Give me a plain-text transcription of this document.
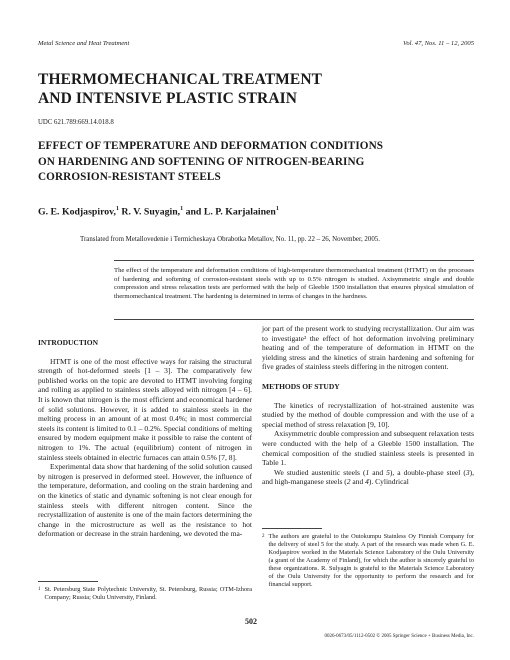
Metal Science and Heat Treatment	Vol. 47, Nos. 11 – 12, 2005
THERMOMECHANICAL TREATMENT
AND INTENSIVE PLASTIC STRAIN
UDC 621.789:669.14.018.8
EFFECT OF TEMPERATURE AND DEFORMATION CONDITIONS
ON HARDENING AND SOFTENING OF NITROGEN-BEARING
CORROSION-RESISTANT STEELS
G. E. Kodjaspirov,$^1$ R. V. Suyagin,$^1$ and L. P. Karjalainen$^1$
Translated from Metallovedenie i Termicheskaya Obrabotka Metallov, No. 11, pp. 22 – 26, November, 2005.
The effect of the temperature and deformation conditions of high-temperature thermomechanical treatment (HTMT) on the processes of hardening and softening of corrosion-resistant steels with up to 0.5% nitrogen is studied. Axisymmetric single and double compression and stress relaxation tests are performed with the help of Gleeble 1500 installation that ensures physical simulation of thermomechanical treatment. The hardening is determined in terms of changes in the hardness.
INTRODUCTION
HTMT is one of the most effective ways for raising the structural strength of hot-deformed steels [1 – 3]. The comparatively few published works on the topic are devoted to HTMT involving forging and rolling as applied to stainless steels alloyed with nitrogen [4 – 6]. It is known that nitrogen is the most efficient and economical hardener of solid solutions. However, it is added to stainless steels in the melting process in an amount of at most 0.4%; in most commercial steels its content is limited to 0.1 – 0.2%. Special conditions of melting ensured by modern equipment make it possible to raise the content of nitrogen to 1%. The actual (equilibrium) content of nitrogen in stainless steels obtained in electric furnaces can attain 0.5% [7, 8].
Experimental data show that hardening of the solid solution caused by nitrogen is preserved in deformed steel. However, the influence of the temperature, deformation, and cooling on the strain hardening and on the kinetics of static and dynamic softening is not clear enough for stainless steels with different nitrogen content. Since the recrystallization of austenite is one of the main factors determining the change in the microstructure as well as the resistance to hot deformation or decrease in the strain hardening, we devoted the ma-
1 St. Petersburg State Polytechnic University, St. Petersburg, Russia; OTM-Izhora Company; Russia; Oulu University, Finland.
jor part of the present work to studying recrystallization. Our aim was to investigate² the effect of hot deformation involving preliminary heating and of the temperature of deformation in HTMT on the yielding stress and the kinetics of strain hardening and softening for five grades of stainless steels differing in the nitrogen content.
METHODS OF STUDY
The kinetics of recrystallization of hot-strained austenite was studied by the method of double compression and with the use of a special method of stress relaxation [9, 10].
Axisymmetric double compression and subsequent relaxation tests were conducted with the help of a Gleeble 1500 installation. The chemical composition of the studied stainless steels is presented in Table 1.
We studied austenitic steels (1 and 5), a double-phase steel (3), and high-manganese steels (2 and 4). Cylindrical
2 The authors are grateful to the Outokumpu Stainless Oy Finnish Company for the delivery of steel 5 for the study. A part of the research was made when G. E. Kodjaspirov worked in the Materials Science Laboratory of the Oulu University (a grant of the Academy of Finland), for which the author is sincerely grateful to these organizations. R. Sulyagin is grateful to the Materials Science Laboratory of the Oulu University for the opportunity to perform the research and for financial support.
502
0026-0673/05/1112-0502 © 2005 Springer Science + Business Media, Inc.
